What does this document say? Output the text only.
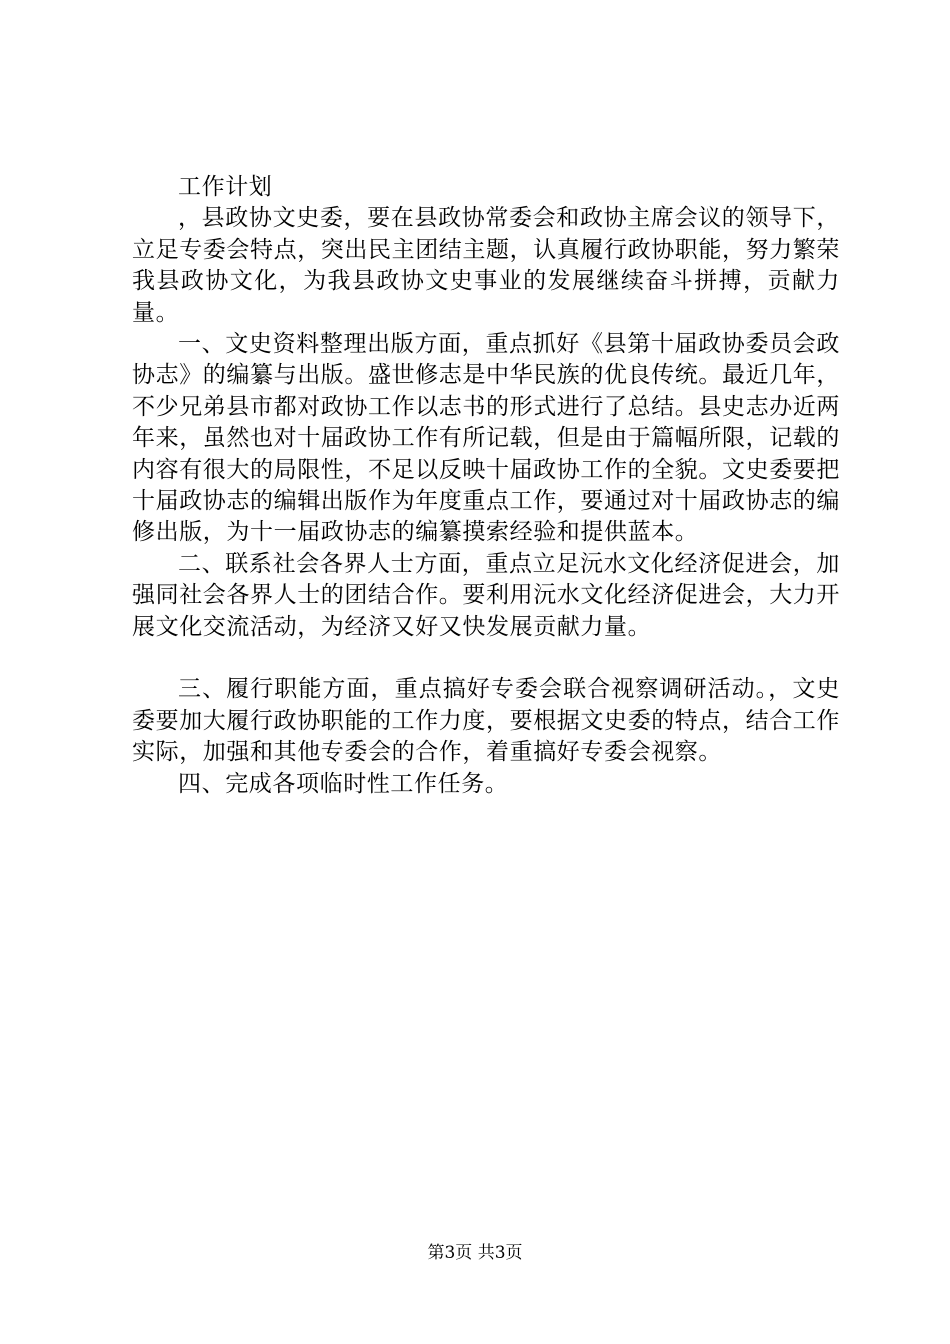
工作计划

，县政协文史委，要在县政协常委会和政协主席会议的领导下，立足专委会特点，突出民主团结主题，认真履行政协职能，努力繁荣我县政协文化，为我县政协文史事业的发展继续奋斗拼搏，贡献力量。

一、文史资料整理出版方面，重点抓好《县第十届政协委员会政协志》的编纂与出版。盛世修志是中华民族的优良传统。最近几年，不少兄弟县市都对政协工作以志书的形式进行了总结。县史志办近两年来，虽然也对十届政协工作有所记载，但是由于篇幅所限，记载的内容有很大的局限性，不足以反映十届政协工作的全貌。文史委要把十届政协志的编辑出版作为年度重点工作，要通过对十届政协志的编修出版，为十一届政协志的编纂摸索经验和提供蓝本。

二、联系社会各界人士方面，重点立足沅水文化经济促进会，加强同社会各界人士的团结合作。要利用沅水文化经济促进会，大力开展文化交流活动，为经济又好又快发展贡献力量。

三、履行职能方面，重点搞好专委会联合视察调研活动。，文史委要加大履行政协职能的工作力度，要根据文史委的特点，结合工作实际，加强和其他专委会的合作，着重搞好专委会视察。

四、完成各项临时性工作任务。

第3页 共3页
